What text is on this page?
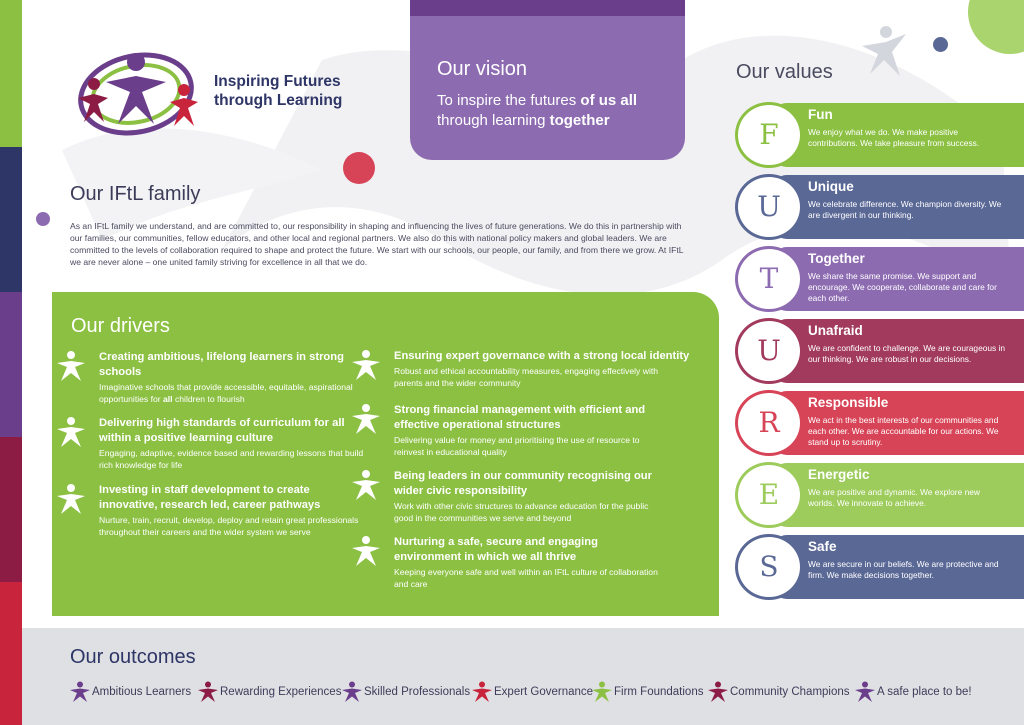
Inspiring Futures
through Learning
Our vision

To inspire the futures of us all
through learning together

Our IFtL family
As an IFtL family we understand, and are committed to, our responsibility in shaping and influencing the lives of future generations. We do this in partnership with our families, our communities, fellow educators, and other local and regional partners. We also do this with national policy makers and global leaders. We are committed to the levels of collaboration required to shape and protect the future. We start with our schools, our people, our family, and from there we grow. At IFtL we are never alone – one united family striving for excellence in all that we do.
Our drivers
Creating ambitious, lifelong learners in strong schools
Imaginative schools that provide accessible, equitable, aspirational opportunities for all children to flourish
Delivering high standards of curriculum for all within a positive learning culture
Engaging, adaptive, evidence based and rewarding lessons that build rich knowledge for life
Investing in staff development to create innovative, research led, career pathways
Nurture, train, recruit, develop, deploy and retain great professionals throughout their careers and the wider system we serve
Ensuring expert governance with a strong local identity
Robust and ethical accountability measures, engaging effectively with parents and the wider community
Strong financial management with efficient and effective operational structures
Delivering value for money and prioritising the use of resource to reinvest in educational quality
Being leaders in our community recognising our wider civic responsibility
Work with other civic structures to advance education for the public good in the communities we serve and beyond
Nurturing a safe, secure and engaging environment in which we all thrive
Keeping everyone safe and well within an IFtL culture of collaboration and care
Our values
F
Fun
We enjoy what we do. We make positive contributions. We take pleasure from success.
U
Unique
We celebrate difference. We champion diversity. We are divergent in our thinking.
T
Together
We share the same promise. We support and encourage. We cooperate, collaborate and care for each other.
U
Unafraid
We are confident to challenge. We are courageous in our thinking. We are robust in our decisions.
R
Responsible
We act in the best interests of our communities and each other. We are accountable for our actions. We stand up to scrutiny.
E
Energetic
We are positive and dynamic. We explore new worlds. We innovate to achieve.
S
Safe
We are secure in our beliefs. We are protective and firm. We make decisions together.
Our outcomes
Ambitious Learners	Rewarding Experiences Skilled Professionals Expert Governance Firm Foundations Community Champions A safe place to be!
